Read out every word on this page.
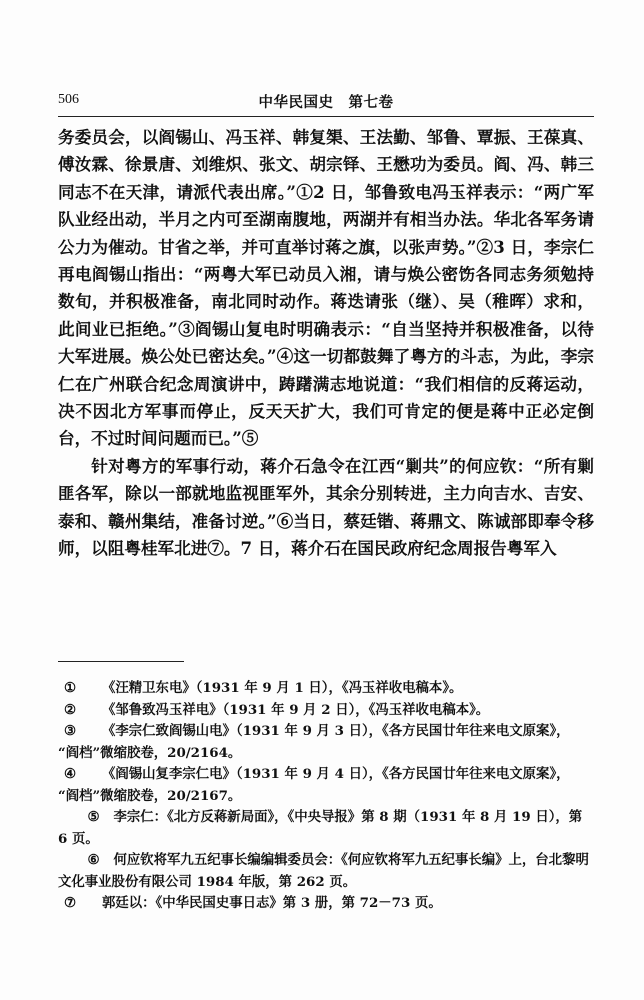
506	中华民国史　第七卷

务委员会，以阎锡山、冯玉祥、韩复榘、王法勤、邹鲁、覃振、王葆真、傅汝霖、徐景唐、刘维炽、张文、胡宗铎、王懋功为委员。阎、冯、韩三同志不在天津，请派代表出席。”①2 日，邹鲁致电冯玉祥表示：“两广军队业经出动，半月之内可至湖南腹地，两湖并有相当办法。华北各军务请公力为催动。甘省之举，并可直举讨蒋之旗，以张声势。”②3 日，李宗仁再电阎锡山指出：“两粤大军已动员入湘，请与焕公密饬各同志务须勉持数旬，并积极准备，南北同时动作。蒋迭请张（继）、吴（稚晖）求和，此间业已拒绝。”③阎锡山复电时明确表示：“自当坚持并积极准备，以待大军进展。焕公处已密达矣。”④这一切都鼓舞了粤方的斗志，为此，李宗仁在广州联合纪念周演讲中，踌躇满志地说道：“我们相信的反蒋运动，决不因北方军事而停止，反天天扩大，我们可肯定的便是蒋中正必定倒台，不过时间问题而已。”⑤

针对粤方的军事行动，蒋介石急令在江西“剿共”的何应钦：“所有剿匪各军，除以一部就地监视匪军外，其余分别转进，主力向吉水、吉安、泰和、赣州集结，准备讨逆。”⑥当日，蔡廷锴、蒋鼎文、陈诚部即奉令移师，以阻粤桂军北进⑦。7 日，蒋介石在国民政府纪念周报告粤军入

①	《汪精卫东电》（1931 年 9 月 1 日），《冯玉祥收电稿本》。
②	《邹鲁致冯玉祥电》（1931 年 9 月 2 日），《冯玉祥收电稿本》。
③	《李宗仁致阎锡山电》（1931 年 9 月 3 日），《各方民国廿年往来电文原案》，
“阎档”微缩胶卷，20/2164。
④	《阎锡山复李宗仁电》（1931 年 9 月 4 日），《各方民国廿年往来电文原案》，
“阎档”微缩胶卷，20/2167。
⑤ 李宗仁：《北方反蒋新局面》，《中央导报》第 8 期（1931 年 8 月 19 日），第 6 页。
⑥ 何应钦将军九五纪事长编编辑委员会：《何应钦将军九五纪事长编》上，台北黎明文化事业股份有限公司 1984 年版，第 262 页。
⑦	郭廷以：《中华民国史事日志》第 3 册，第 72－73 页。
